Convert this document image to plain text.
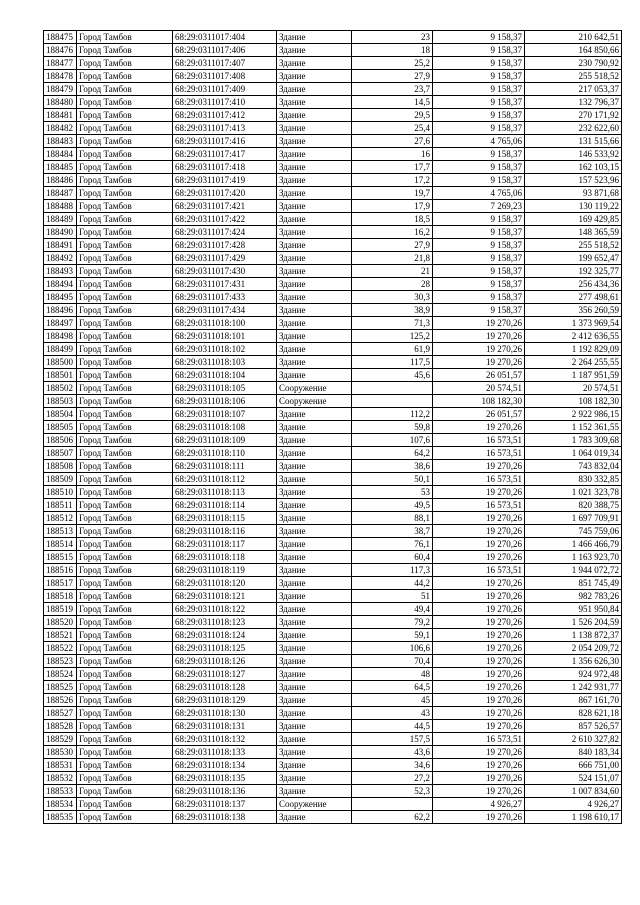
188475	Город Тамбов	68:29:0311017:404	Здание	23	9 158,37	210 642,51
188476	Город Тамбов	68:29:0311017:406	Здание	18	9 158,37	164 850,66
188477	Город Тамбов	68:29:0311017:407	Здание	25,2	9 158,37	230 790,92
188478	Город Тамбов	68:29:0311017:408	Здание	27,9	9 158,37	255 518,52
188479	Город Тамбов	68:29:0311017:409	Здание	23,7	9 158,37	217 053,37
188480	Город Тамбов	68:29:0311017:410	Здание	14,5	9 158,37	132 796,37
188481	Город Тамбов	68:29:0311017:412	Здание	29,5	9 158,37	270 171,92
188482	Город Тамбов	68:29:0311017:413	Здание	25,4	9 158,37	232 622,60
188483	Город Тамбов	68:29:0311017:416	Здание	27,6	4 765,06	131 515,66
188484	Город Тамбов	68:29:0311017:417	Здание	16	9 158,37	146 533,92
188485	Город Тамбов	68:29:0311017:418	Здание	17,7	9 158,37	162 103,15
188486	Город Тамбов	68:29:0311017:419	Здание	17,2	9 158,37	157 523,96
188487	Город Тамбов	68:29:0311017:420	Здание	19,7	4 765,06	93 871,68
188488	Город Тамбов	68:29:0311017:421	Здание	17,9	7 269,23	130 119,22
188489	Город Тамбов	68:29:0311017:422	Здание	18,5	9 158,37	169 429,85
188490	Город Тамбов	68:29:0311017:424	Здание	16,2	9 158,37	148 365,59
188491	Город Тамбов	68:29:0311017:428	Здание	27,9	9 158,37	255 518,52
188492	Город Тамбов	68:29:0311017:429	Здание	21,8	9 158,37	199 652,47
188493	Город Тамбов	68:29:0311017:430	Здание	21	9 158,37	192 325,77
188494	Город Тамбов	68:29:0311017:431	Здание	28	9 158,37	256 434,36
188495	Город Тамбов	68:29:0311017:433	Здание	30,3	9 158,37	277 498,61
188496	Город Тамбов	68:29:0311017:434	Здание	38,9	9 158,37	356 260,59
188497	Город Тамбов	68:29:0311018:100	Здание	71,3	19 270,26	1 373 969,54
188498	Город Тамбов	68:29:0311018:101	Здание	125,2	19 270,26	2 412 636,55
188499	Город Тамбов	68:29:0311018:102	Здание	61,9	19 270,26	1 192 829,09
188500	Город Тамбов	68:29:0311018:103	Здание	117,5	19 270,26	2 264 255,55
188501	Город Тамбов	68:29:0311018:104	Здание	45,6	26 051,57	1 187 951,59
188502	Город Тамбов	68:29:0311018:105	Сооружение		20 574,51	20 574,51
188503	Город Тамбов	68:29:0311018:106	Сооружение		108 182,30	108 182,30
188504	Город Тамбов	68:29:0311018:107	Здание	112,2	26 051,57	2 922 986,15
188505	Город Тамбов	68:29:0311018:108	Здание	59,8	19 270,26	1 152 361,55
188506	Город Тамбов	68:29:0311018:109	Здание	107,6	16 573,51	1 783 309,68
188507	Город Тамбов	68:29:0311018:110	Здание	64,2	16 573,51	1 064 019,34
188508	Город Тамбов	68:29:0311018:111	Здание	38,6	19 270,26	743 832,04
188509	Город Тамбов	68:29:0311018:112	Здание	50,1	16 573,51	830 332,85
188510	Город Тамбов	68:29:0311018:113	Здание	53	19 270,26	1 021 323,78
188511	Город Тамбов	68:29:0311018:114	Здание	49,5	16 573,51	820 388,75
188512	Город Тамбов	68:29:0311018:115	Здание	88,1	19 270,26	1 697 709,91
188513	Город Тамбов	68:29:0311018:116	Здание	38,7	19 270,26	745 759,06
188514	Город Тамбов	68:29:0311018:117	Здание	76,1	19 270,26	1 466 466,79
188515	Город Тамбов	68:29:0311018:118	Здание	60,4	19 270,26	1 163 923,70
188516	Город Тамбов	68:29:0311018:119	Здание	117,3	16 573,51	1 944 072,72
188517	Город Тамбов	68:29:0311018:120	Здание	44,2	19 270,26	851 745,49
188518	Город Тамбов	68:29:0311018:121	Здание	51	19 270,26	982 783,26
188519	Город Тамбов	68:29:0311018:122	Здание	49,4	19 270,26	951 950,84
188520	Город Тамбов	68:29:0311018:123	Здание	79,2	19 270,26	1 526 204,59
188521	Город Тамбов	68:29:0311018:124	Здание	59,1	19 270,26	1 138 872,37
188522	Город Тамбов	68:29:0311018:125	Здание	106,6	19 270,26	2 054 209,72
188523	Город Тамбов	68:29:0311018:126	Здание	70,4	19 270,26	1 356 626,30
188524	Город Тамбов	68:29:0311018:127	Здание	48	19 270,26	924 972,48
188525	Город Тамбов	68:29:0311018:128	Здание	64,5	19 270,26	1 242 931,77
188526	Город Тамбов	68:29:0311018:129	Здание	45	19 270,26	867 161,70
188527	Город Тамбов	68:29:0311018:130	Здание	43	19 270,26	828 621,18
188528	Город Тамбов	68:29:0311018:131	Здание	44,5	19 270,26	857 526,57
188529	Город Тамбов	68:29:0311018:132	Здание	157,5	16 573,51	2 610 327,82
188530	Город Тамбов	68:29:0311018:133	Здание	43,6	19 270,26	840 183,34
188531	Город Тамбов	68:29:0311018:134	Здание	34,6	19 270,26	666 751,00
188532	Город Тамбов	68:29:0311018:135	Здание	27,2	19 270,26	524 151,07
188533	Город Тамбов	68:29:0311018:136	Здание	52,3	19 270,26	1 007 834,60
188534	Город Тамбов	68:29:0311018:137	Сооружение		4 926,27	4 926,27
188535	Город Тамбов	68:29:0311018:138	Здание	62,2	19 270,26	1 198 610,17
